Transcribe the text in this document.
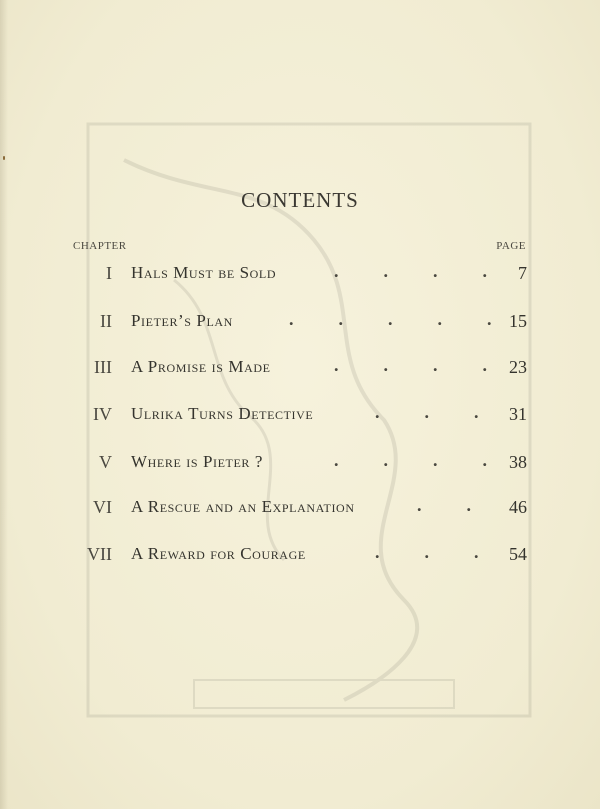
CONTENTS
CHAPTER	PAGE
I Hals Must be Sold	.          .          .          . 7
II Pieter’s Plan	.          .          .          .          . 15
III A Promise is Made	.          .          .          . 23
IV Ulrika Turns Detective	.          .          . 31
V Where is Pieter ?	.          .          .          . 38
VI A Rescue and an Explanation	.          . 46
VII A Reward for Courage	.          .          . 54
